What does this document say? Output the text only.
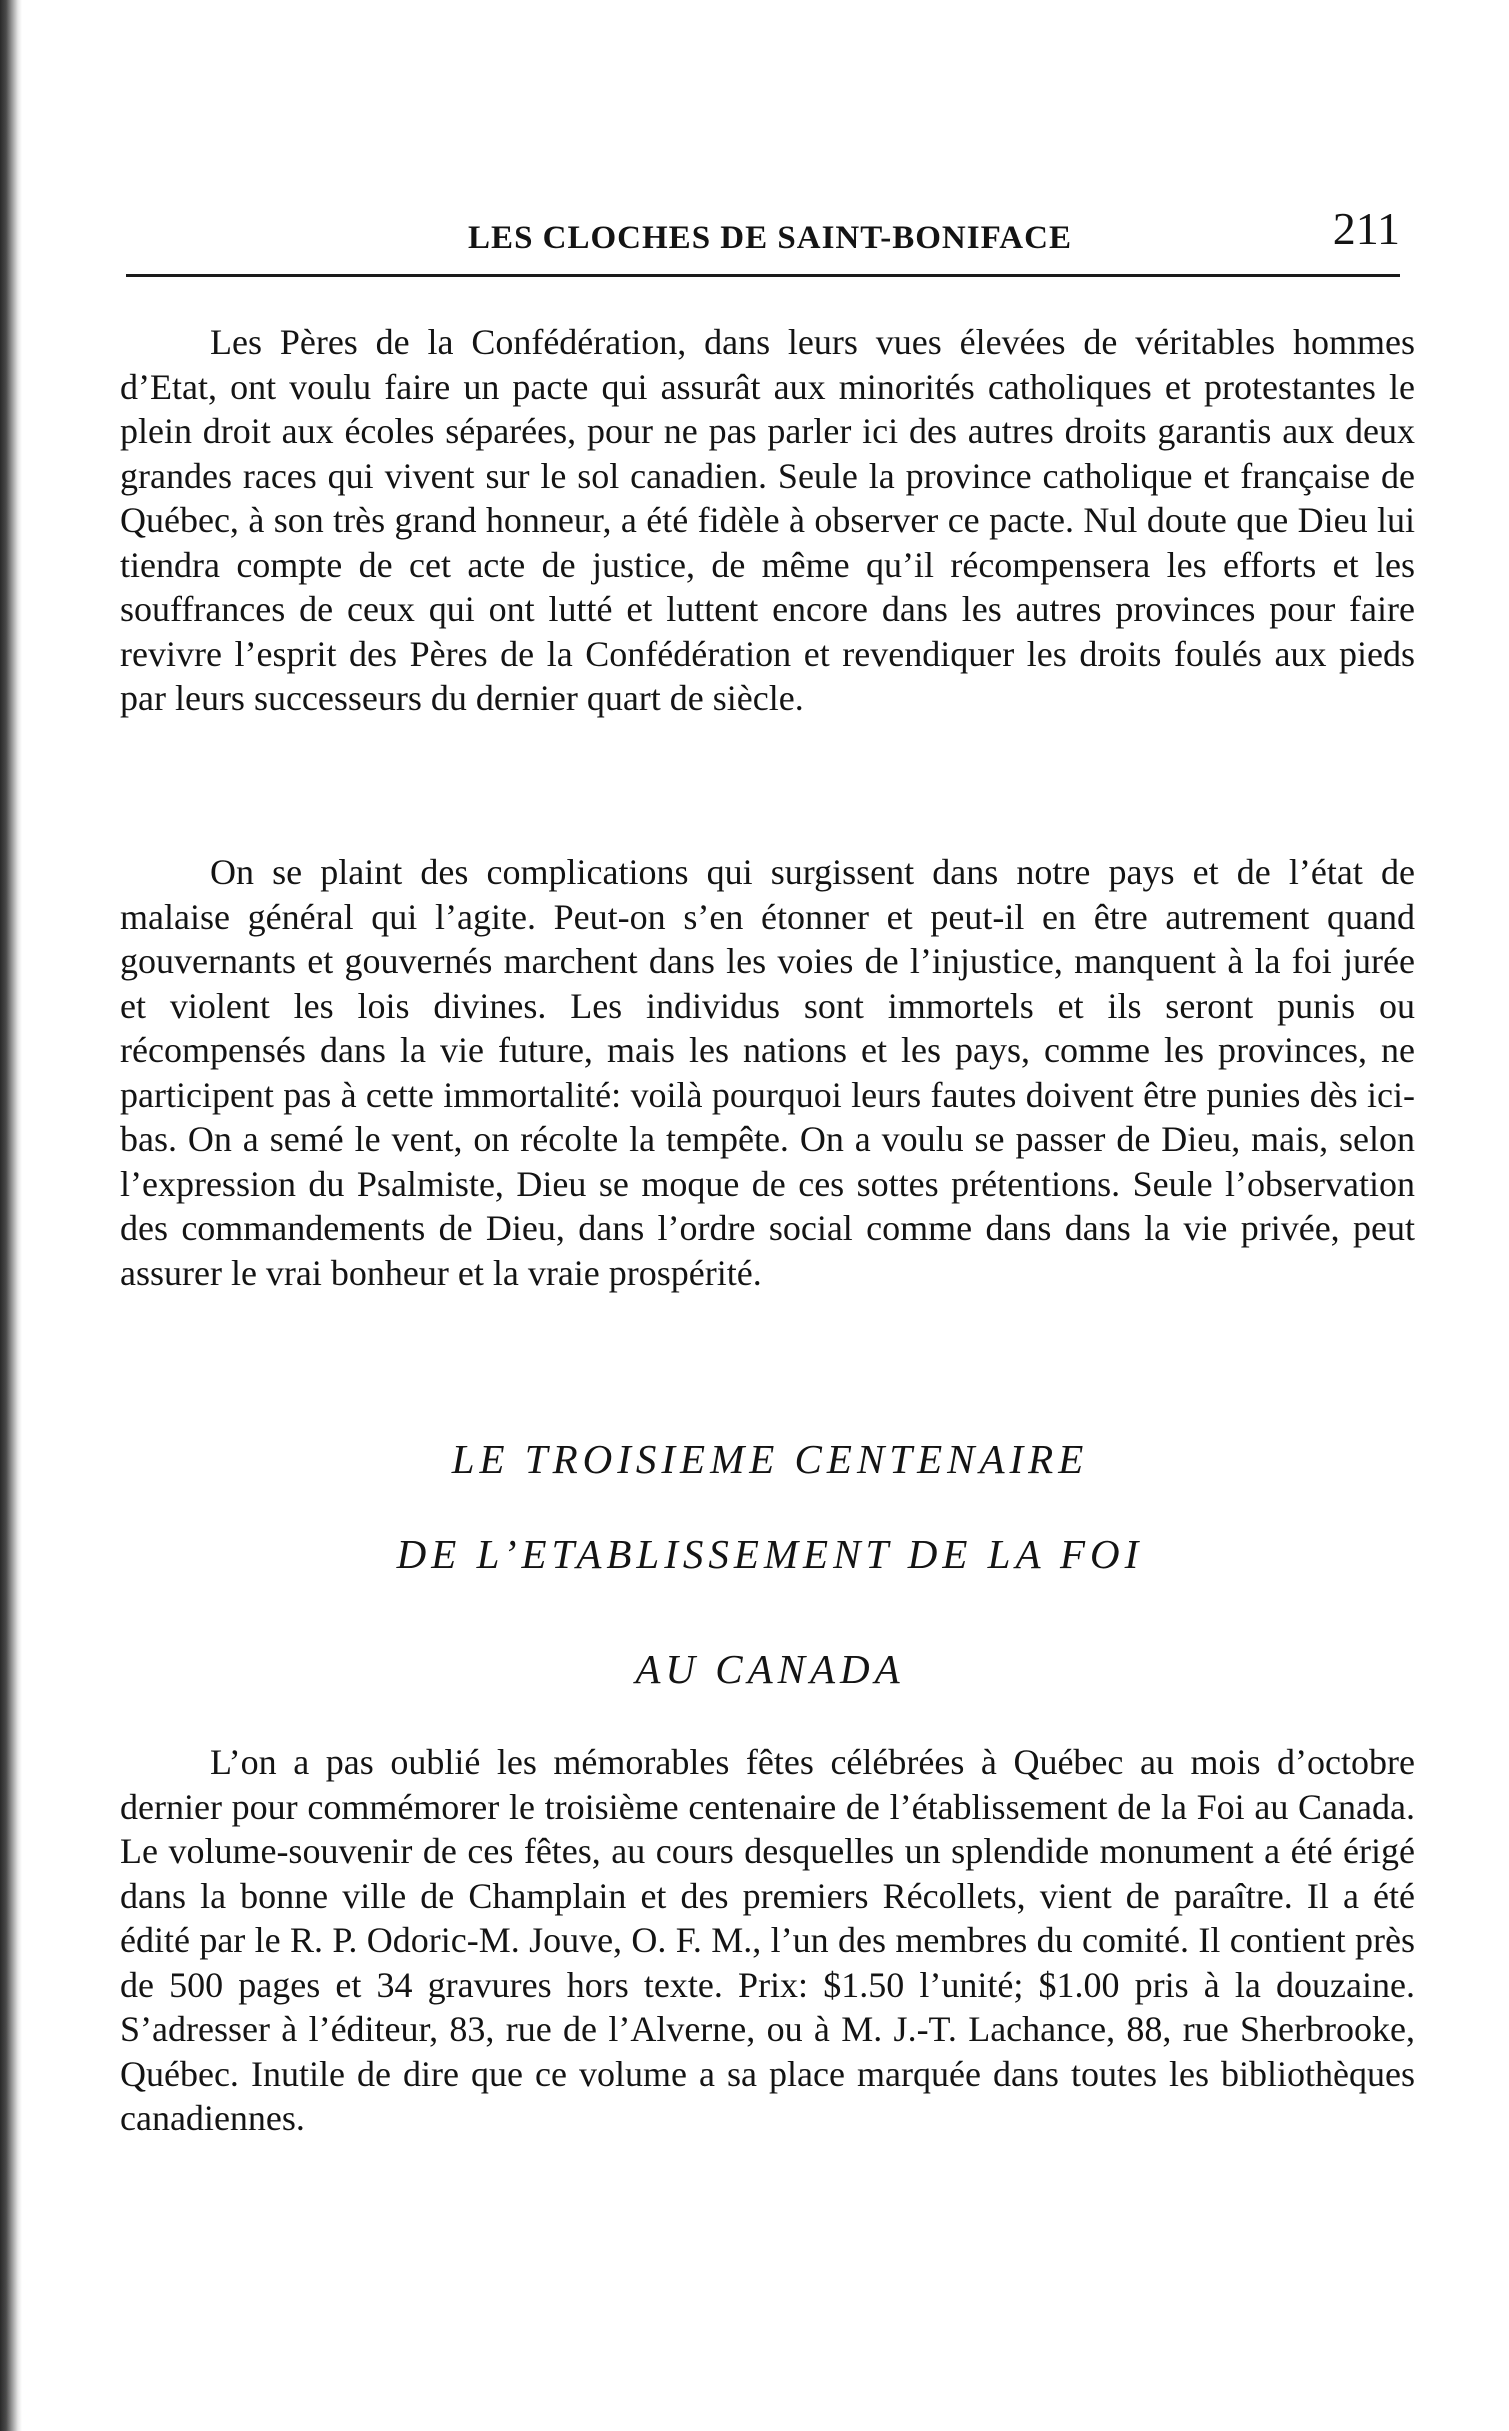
LES CLOCHES DE SAINT-BONIFACE	211

Les Pères de la Confédération, dans leurs vues élevées de véritables hommes d’Etat, ont voulu faire un pacte qui assurât aux minorités catholiques et protestantes le plein droit aux écoles séparées, pour ne pas parler ici des autres droits garantis aux deux grandes races qui vivent sur le sol canadien. Seule la province catholique et française de Québec, à son très grand honneur, a été fidèle à observer ce pacte. Nul doute que Dieu lui tiendra compte de cet acte de justice, de même qu’il récompensera les efforts et les souffrances de ceux qui ont lutté et luttent encore dans les autres provinces pour faire revivre l’esprit des Pères de la Confédération et revendiquer les droits foulés aux pieds par leurs successeurs du dernier quart de siècle.

On se plaint des complications qui surgissent dans notre pays et de l’état de malaise général qui l’agite. Peut-on s’en étonner et peut-il en être autrement quand gouvernants et gouvernés marchent dans les voies de l’injustice, manquent à la foi jurée et violent les lois divines. Les individus sont immortels et ils seront punis ou récompensés dans la vie future, mais les nations et les pays, comme les provinces, ne participent pas à cette immortalité: voilà pourquoi leurs fautes doivent être punies dès ici-bas. On a semé le vent, on récolte la tempête. On a voulu se passer de Dieu, mais, selon l’expression du Psalmiste, Dieu se moque de ces sottes prétentions. Seule l’observation des commandements de Dieu, dans l’ordre social comme dans dans la vie privée, peut assurer le vrai bonheur et la vraie prospérité.

LE TROISIEME CENTENAIRE

DE L’ETABLISSEMENT DE LA FOI

AU CANADA

L’on a pas oublié les mémorables fêtes célébrées à Québec au mois d’octobre dernier pour commémorer le troisième centenaire de l’établissement de la Foi au Canada. Le volume-souvenir de ces fêtes, au cours desquelles un splendide monument a été érigé dans la bonne ville de Champlain et des premiers Récollets, vient de paraître. Il a été édité par le R. P. Odoric-M. Jouve, O. F. M., l’un des membres du comité. Il contient près de 500 pages et 34 gravures hors texte. Prix: $1.50 l’unité; $1.00 pris à la douzaine. S’adresser à l’éditeur, 83, rue de l’Alverne, ou à M. J.-T. Lachance, 88, rue Sherbrooke, Québec. Inutile de dire que ce volume a sa place marquée dans toutes les bibliothèques canadiennes.
